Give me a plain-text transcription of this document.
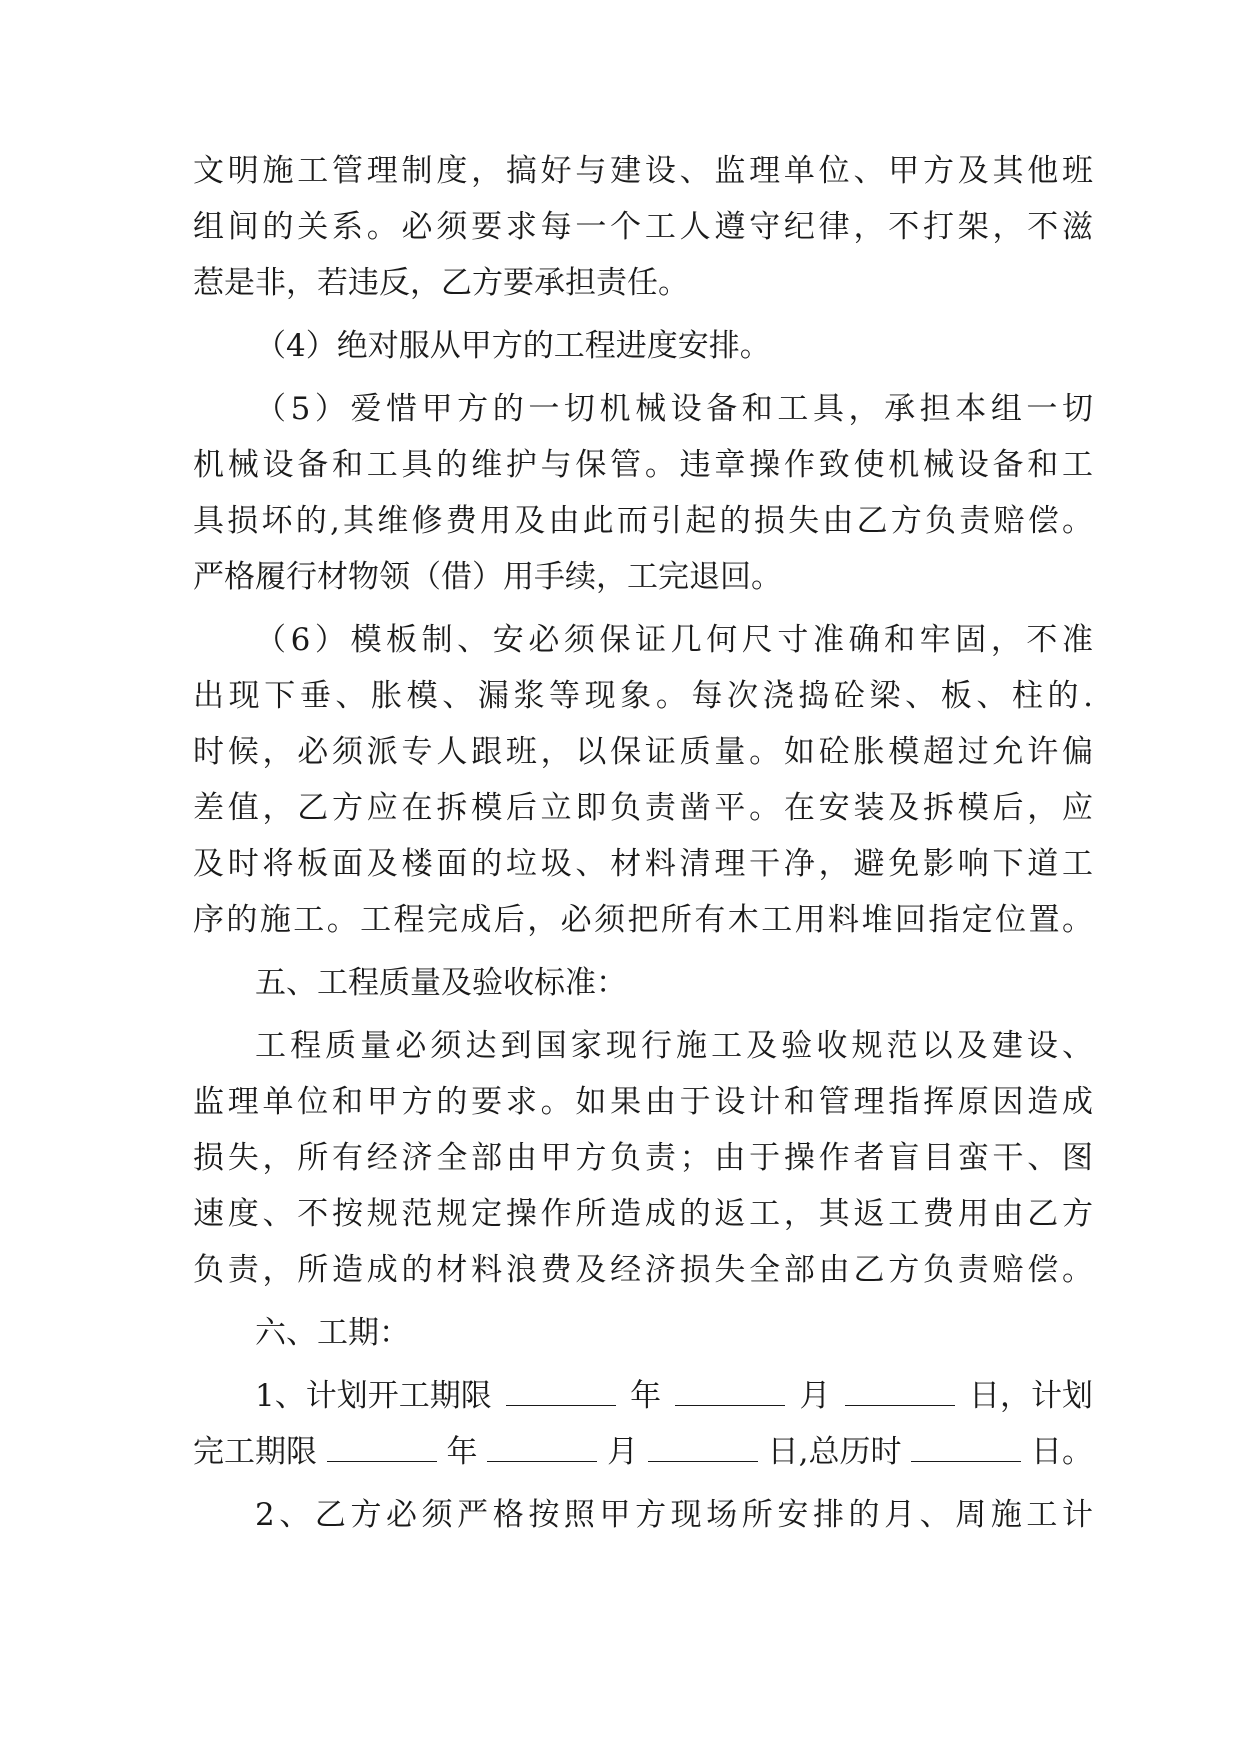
文明施工管理制度，搞好与建设、监理单位、甲方及其他班
组间的关系。必须要求每一个工人遵守纪律，不打架，不滋
惹是非，若违反，乙方要承担责任。
（4）绝对服从甲方的工程进度安排。
（5）爱惜甲方的一切机械设备和工具，承担本组一切
机械设备和工具的维护与保管。违章操作致使机械设备和工
具损坏的,其维修费用及由此而引起的损失由乙方负责赔偿。
严格履行材物领（借）用手续，工完退回。
（6）模板制、安必须保证几何尺寸准确和牢固，不准
出现下垂、胀模、漏浆等现象。每次浇捣砼梁、板、柱的.
时候，必须派专人跟班，以保证质量。如砼胀模超过允许偏
差值，乙方应在拆模后立即负责凿平。在安装及拆模后，应
及时将板面及楼面的垃圾、材料清理干净，避免影响下道工
序的施工。工程完成后，必须把所有木工用料堆回指定位置。
五、工程质量及验收标准：
工程质量必须达到国家现行施工及验收规范以及建设、
监理单位和甲方的要求。如果由于设计和管理指挥原因造成
损失，所有经济全部由甲方负责；由于操作者盲目蛮干、图
速度、不按规范规定操作所造成的返工，其返工费用由乙方
负责，所造成的材料浪费及经济损失全部由乙方负责赔偿。
六、工期：
1、计划开工期限	年	月	日，计划
完工期限	年	月	日,总历时	日。
2、乙方必须严格按照甲方现场所安排的月、周施工计
